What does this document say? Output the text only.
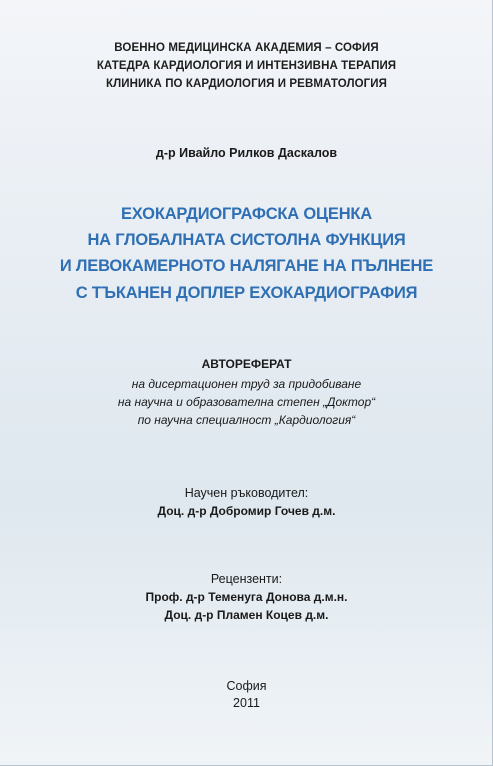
ВОЕННО МЕДИЦИНСКА АКАДЕМИЯ – СОФИЯ
КАТЕДРА КАРДИОЛОГИЯ И ИНТЕНЗИВНА ТЕРАПИЯ
КЛИНИКА ПО КАРДИОЛОГИЯ И РЕВМАТОЛОГИЯ
д-р Ивайло Рилков Даскалов
ЕХОКАРДИОГРАФСКА ОЦЕНКА
НА ГЛОБАЛНАТА СИСТОЛНА ФУНКЦИЯ
И ЛЕВОКАМЕРНОТО НАЛЯГАНЕ НА ПЪЛНЕНЕ
С ТЪКАНЕН ДОПЛЕР ЕХОКАРДИОГРАФИЯ
АВТОРЕФЕРАТ
на дисертационен труд за придобиване
на научна и образователна степен „Доктор“
по научна специалност „Кардиология“
Научен ръководител:
Доц. д-р Добромир Гочев д.м.
Рецензенти:
Проф. д-р Теменуга Донова д.м.н.
Доц. д-р Пламен Коцев д.м.
София
2011
